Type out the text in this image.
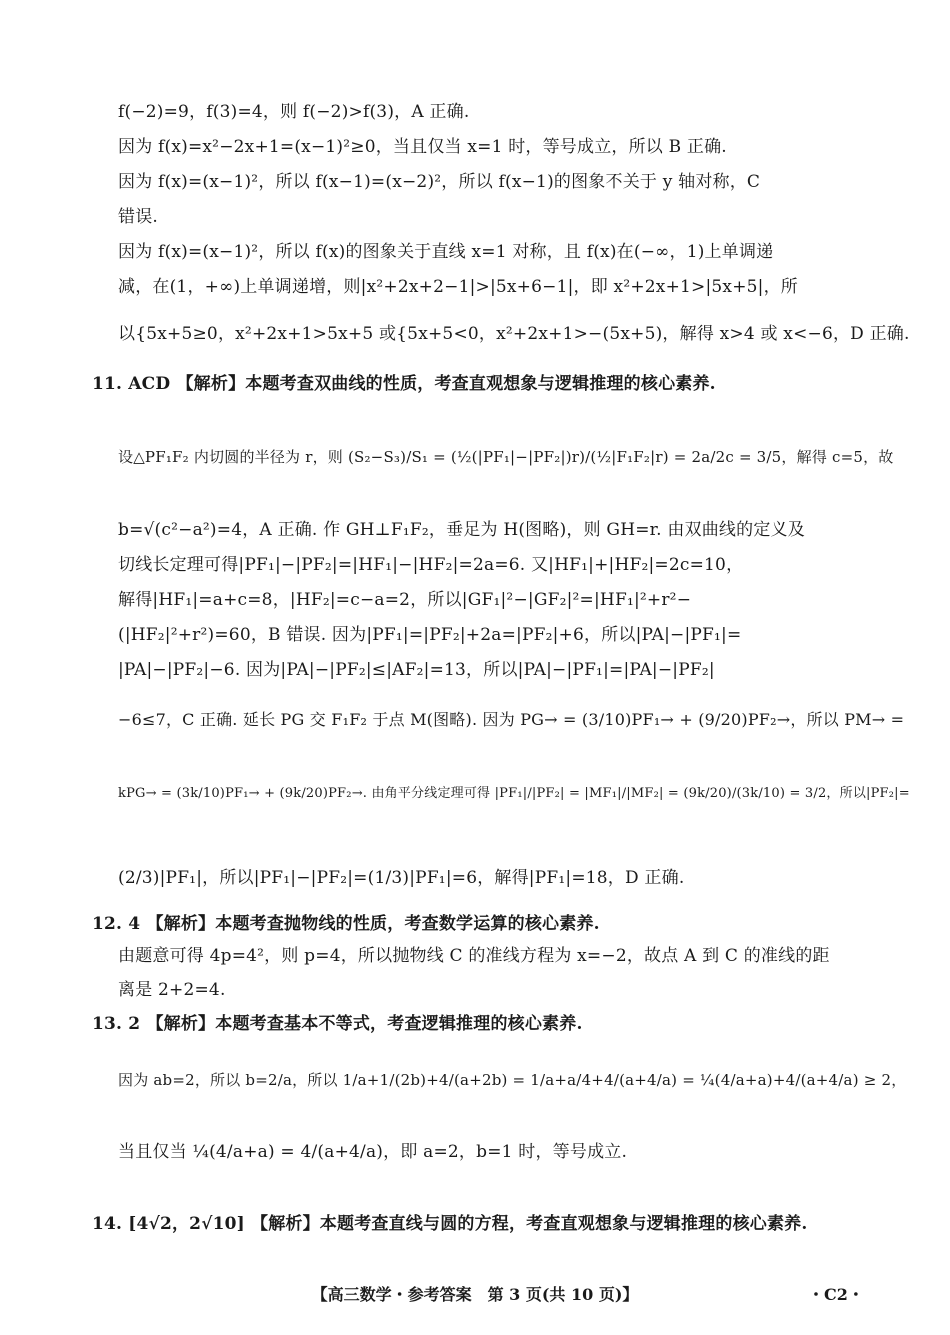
f(−2)=9，f(3)=4，则 f(−2)>f(3)，A 正确.
因为 f(x)=x²−2x+1=(x−1)²≥0，当且仅当 x=1 时，等号成立，所以 B 正确.
因为 f(x)=(x−1)²，所以 f(x−1)=(x−2)²，所以 f(x−1)的图象不关于 y 轴对称，C
错误.
因为 f(x)=(x−1)²，所以 f(x)的图象关于直线 x=1 对称，且 f(x)在(−∞，1)上单调递
减，在(1，+∞)上单调递增，则|x²+2x+2−1|>|5x+6−1|，即 x²+2x+1>|5x+5|，所
以{5x+5≥0，x²+2x+1>5x+5 或{5x+5<0，x²+2x+1>−(5x+5)，解得 x>4 或 x<−6，D 正确.
11. ACD 【解析】本题考查双曲线的性质，考查直观想象与逻辑推理的核心素养.
设△PF₁F₂ 内切圆的半径为 r，则 (S₂−S₃)/S₁ = (½(|PF₁|−|PF₂|)r)/(½|F₁F₂|r) = 2a/2c = 3/5，解得 c=5，故
b=√(c²−a²)=4，A 正确. 作 GH⊥F₁F₂，垂足为 H(图略)，则 GH=r. 由双曲线的定义及
切线长定理可得|PF₁|−|PF₂|=|HF₁|−|HF₂|=2a=6. 又|HF₁|+|HF₂|=2c=10，
解得|HF₁|=a+c=8，|HF₂|=c−a=2，所以|GF₁|²−|GF₂|²=|HF₁|²+r²−
(|HF₂|²+r²)=60，B 错误. 因为|PF₁|=|PF₂|+2a=|PF₂|+6，所以|PA|−|PF₁|=
|PA|−|PF₂|−6. 因为|PA|−|PF₂|≤|AF₂|=13，所以|PA|−|PF₁|=|PA|−|PF₂|
−6≤7，C 正确. 延长 PG 交 F₁F₂ 于点 M(图略). 因为 PG→ = (3/10)PF₁→ + (9/20)PF₂→，所以 PM→ =
kPG→ = (3k/10)PF₁→ + (9k/20)PF₂→. 由角平分线定理可得 |PF₁|/|PF₂| = |MF₁|/|MF₂| = (9k/20)/(3k/10) = 3/2，所以|PF₂|=
(2/3)|PF₁|，所以|PF₁|−|PF₂|=(1/3)|PF₁|=6，解得|PF₁|=18，D 正确.
12. 4 【解析】本题考查抛物线的性质，考查数学运算的核心素养.
由题意可得 4p=4²，则 p=4，所以抛物线 C 的准线方程为 x=−2，故点 A 到 C 的准线的距
离是 2+2=4.
13. 2 【解析】本题考查基本不等式，考查逻辑推理的核心素养.
因为 ab=2，所以 b=2/a，所以 1/a+1/(2b)+4/(a+2b) = 1/a+a/4+4/(a+4/a) = ¼(4/a+a)+4/(a+4/a) ≥ 2，
当且仅当 ¼(4/a+a) = 4/(a+4/a)，即 a=2，b=1 时，等号成立.
14. [4√2，2√10] 【解析】本题考查直线与圆的方程，考查直观想象与逻辑推理的核心素养.
【高三数学・参考答案　第 3 页(共 10 页)】	・C2・
